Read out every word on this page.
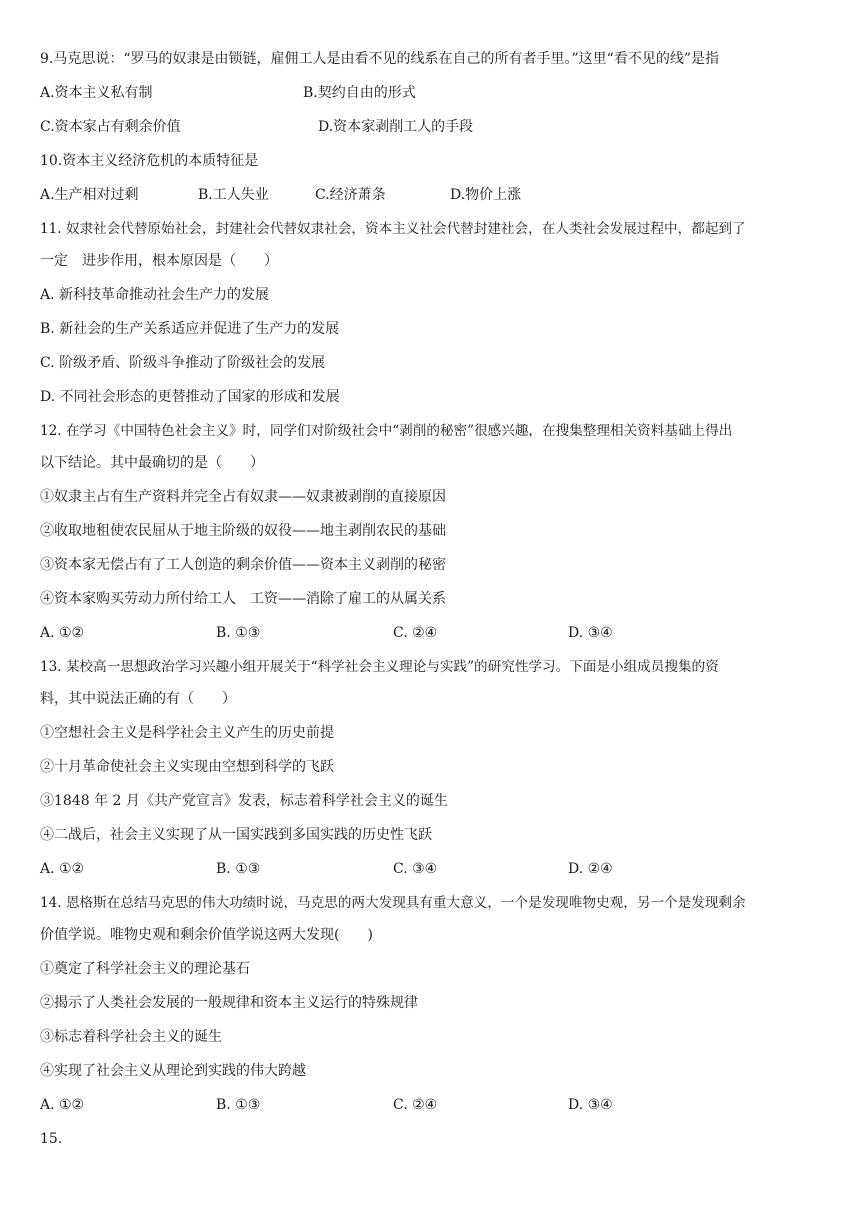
9.马克思说：“罗马的奴隶是由锁链，雇佣工人是由看不见的线系在自己的所有者手里。”这里“看不见的线”是指
A.资本主义私有制	B.契约自由的形式
C.资本家占有剩余价值	D.资本家剥削工人的手段
10.资本主义经济危机的本质特征是
A.生产相对过剩	B.工人失业	C.经济萧条	D.物价上涨
11. 奴隶社会代替原始社会，封建社会代替奴隶社会，资本主义社会代替封建社会，在人类社会发展过程中，都起到了
一定　进步作用，根本原因是（　　）
A. 新科技革命推动社会生产力的发展
B. 新社会的生产关系适应并促进了生产力的发展
C. 阶级矛盾、阶级斗争推动了阶级社会的发展
D. 不同社会形态的更替推动了国家的形成和发展
12. 在学习《中国特色社会主义》时，同学们对阶级社会中“剥削的秘密”很感兴趣，在搜集整理相关资料基础上得出
以下结论。其中最确切的是（　　）
①奴隶主占有生产资料并完全占有奴隶——奴隶被剥削的直接原因
②收取地租使农民屈从于地主阶级的奴役——地主剥削农民的基础
③资本家无偿占有了工人创造的剩余价值——资本主义剥削的秘密
④资本家购买劳动力所付给工人　工资——消除了雇工的从属关系
A. ①②	B. ①③	C. ②④	D. ③④
13. 某校高一思想政治学习兴趣小组开展关于“科学社会主义理论与实践”的研究性学习。下面是小组成员搜集的资
料，其中说法正确的有（　　）
①空想社会主义是科学社会主义产生的历史前提
②十月革命使社会主义实现由空想到科学的飞跃
③1848 年 2 月《共产党宣言》发表，标志着科学社会主义的诞生
④二战后，社会主义实现了从一国实践到多国实践的历史性飞跃
A. ①②	B. ①③	C. ③④	D. ②④
14. 恩格斯在总结马克思的伟大功绩时说，马克思的两大发现具有重大意义，一个是发现唯物史观，另一个是发现剩余
价值学说。唯物史观和剩余价值学说这两大发现(　　)
①奠定了科学社会主义的理论基石
②揭示了人类社会发展的一般规律和资本主义运行的特殊规律
③标志着科学社会主义的诞生
④实现了社会主义从理论到实践的伟大跨越
A. ①②	B. ①③	C. ②④	D. ③④
15.
